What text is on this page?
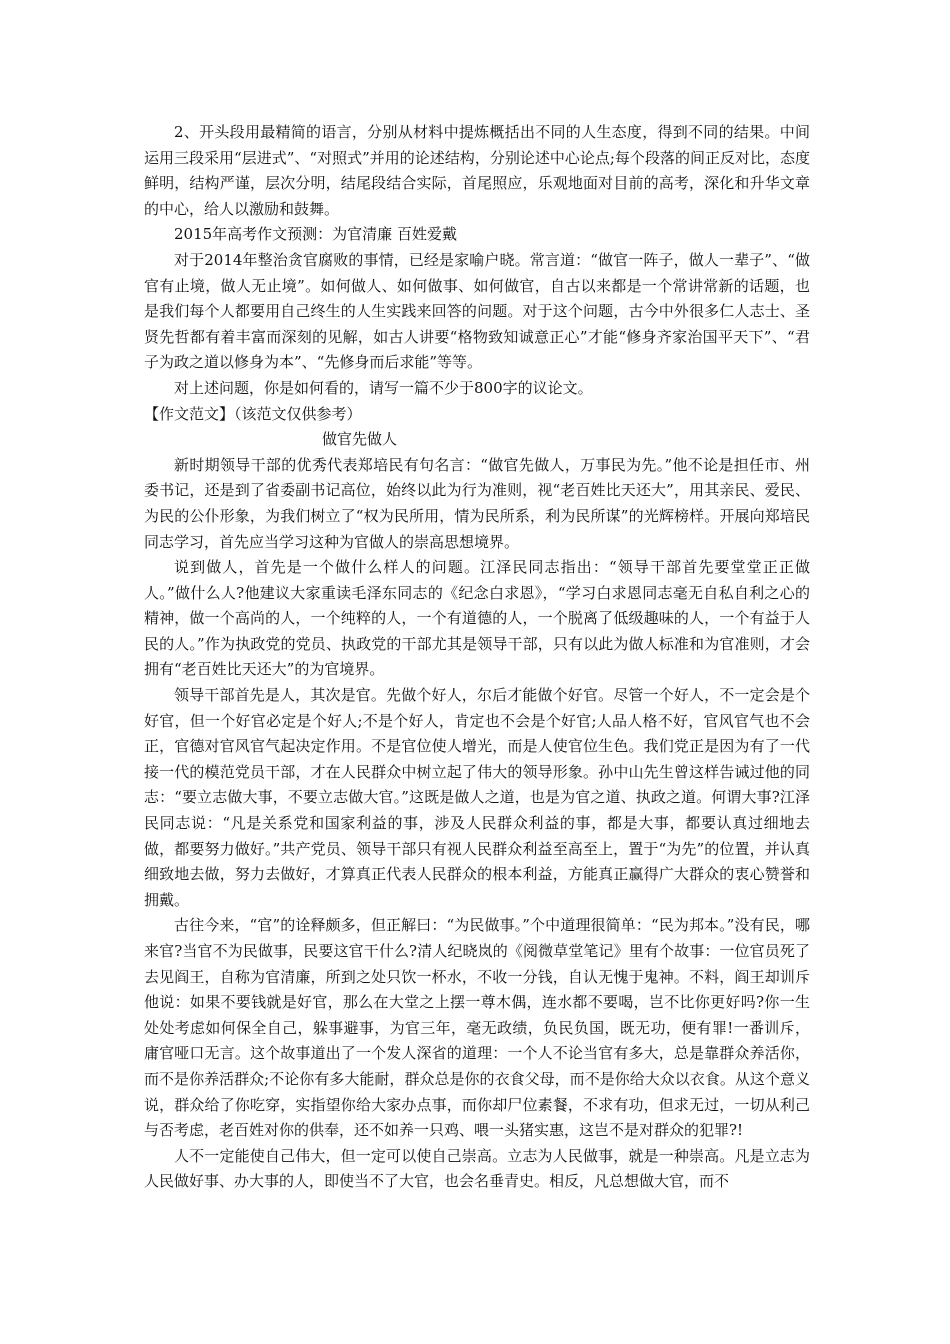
2、开头段用最精简的语言，分别从材料中提炼概括出不同的人生态度，得到不同的结果。中间运用三段采用“层进式”、“对照式”并用的论述结构，分别论述中心论点;每个段落的间正反对比，态度鲜明，结构严谨，层次分明，结尾段结合实际，首尾照应，乐观地面对目前的高考，深化和升华文章的中心，给人以激励和鼓舞。

2015年高考作文预测：为官清廉 百姓爱戴

对于2014年整治贪官腐败的事情，已经是家喻户晓。常言道：“做官一阵子，做人一辈子”、“做官有止境，做人无止境”。如何做人、如何做事、如何做官，自古以来都是一个常讲常新的话题，也是我们每个人都要用自己终生的人生实践来回答的问题。对于这个问题，古今中外很多仁人志士、圣贤先哲都有着丰富而深刻的见解，如古人讲要“格物致知诚意正心”才能“修身齐家治国平天下”、“君子为政之道以修身为本”、“先修身而后求能”等等。

对上述问题，你是如何看的，请写一篇不少于800字的议论文。

【作文范文】（该范文仅供参考）

做官先做人

新时期领导干部的优秀代表郑培民有句名言：“做官先做人，万事民为先。”他不论是担任市、州委书记，还是到了省委副书记高位，始终以此为行为准则，视“老百姓比天还大”，用其亲民、爱民、为民的公仆形象，为我们树立了“权为民所用，情为民所系，利为民所谋”的光辉榜样。开展向郑培民同志学习，首先应当学习这种为官做人的崇高思想境界。

说到做人，首先是一个做什么样人的问题。江泽民同志指出：“领导干部首先要堂堂正正做人。”做什么人?他建议大家重读毛泽东同志的《纪念白求恩》，“学习白求恩同志毫无自私自利之心的精神，做一个高尚的人，一个纯粹的人，一个有道德的人，一个脱离了低级趣味的人，一个有益于人民的人。”作为执政党的党员、执政党的干部尤其是领导干部，只有以此为做人标准和为官准则，才会拥有“老百姓比天还大”的为官境界。

领导干部首先是人，其次是官。先做个好人，尔后才能做个好官。尽管一个好人，不一定会是个好官，但一个好官必定是个好人;不是个好人，肯定也不会是个好官;人品人格不好，官风官气也不会正，官德对官风官气起决定作用。不是官位使人增光，而是人使官位生色。我们党正是因为有了一代接一代的模范党员干部，才在人民群众中树立起了伟大的领导形象。孙中山先生曾这样告诫过他的同志：“要立志做大事，不要立志做大官。”这既是做人之道，也是为官之道、执政之道。何谓大事?江泽民同志说：“凡是关系党和国家利益的事，涉及人民群众利益的事，都是大事，都要认真过细地去做，都要努力做好。”共产党员、领导干部只有视人民群众利益至高至上，置于“为先”的位置，并认真细致地去做，努力去做好，才算真正代表人民群众的根本利益，方能真正赢得广大群众的衷心赞誉和拥戴。

古往今来，“官”的诠释颇多，但正解曰：“为民做事。”个中道理很简单：“民为邦本。”没有民，哪来官?当官不为民做事，民要这官干什么?清人纪晓岚的《阅微草堂笔记》里有个故事：一位官员死了去见阎王，自称为官清廉，所到之处只饮一杯水，不收一分钱，自认无愧于鬼神。不料，阎王却训斥他说：如果不要钱就是好官，那么在大堂之上摆一尊木偶，连水都不要喝，岂不比你更好吗?你一生处处考虑如何保全自己，躲事避事，为官三年，毫无政绩，负民负国，既无功，便有罪!一番训斥，庸官哑口无言。这个故事道出了一个发人深省的道理：一个人不论当官有多大，总是靠群众养活你，而不是你养活群众;不论你有多大能耐，群众总是你的衣食父母，而不是你给大众以衣食。从这个意义说，群众给了你吃穿，实指望你给大家办点事，而你却尸位素餐，不求有功，但求无过，一切从利己与否考虑，老百姓对你的供奉，还不如养一只鸡、喂一头猪实惠，这岂不是对群众的犯罪?!

人不一定能使自己伟大，但一定可以使自己崇高。立志为人民做事，就是一种崇高。凡是立志为人民做好事、办大事的人，即使当不了大官，也会名垂青史。相反，凡总想做大官，而不
